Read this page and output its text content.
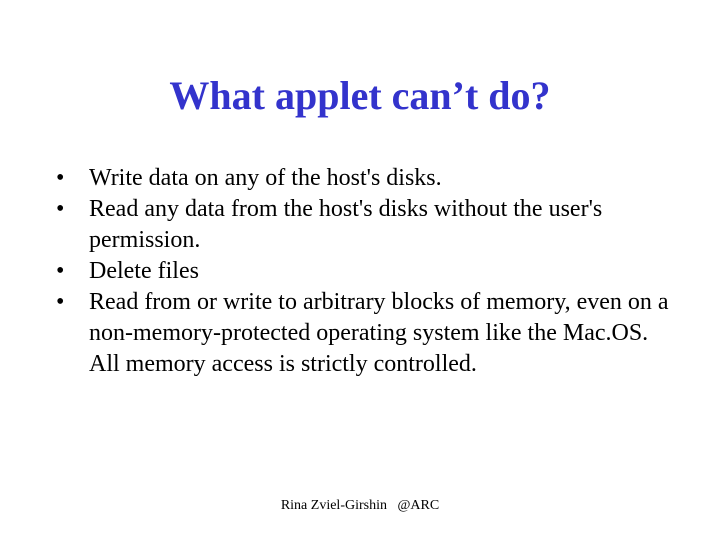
What applet can’t do?
•	Write data on any of the host's disks.
•	Read any data from the host's disks without the user's permission.
•	Delete files
•	Read from or write to arbitrary blocks of memory, even on a non-memory-protected operating system like the Mac.OS. All memory access is strictly controlled.
Rina Zviel-Girshin   @ARC
